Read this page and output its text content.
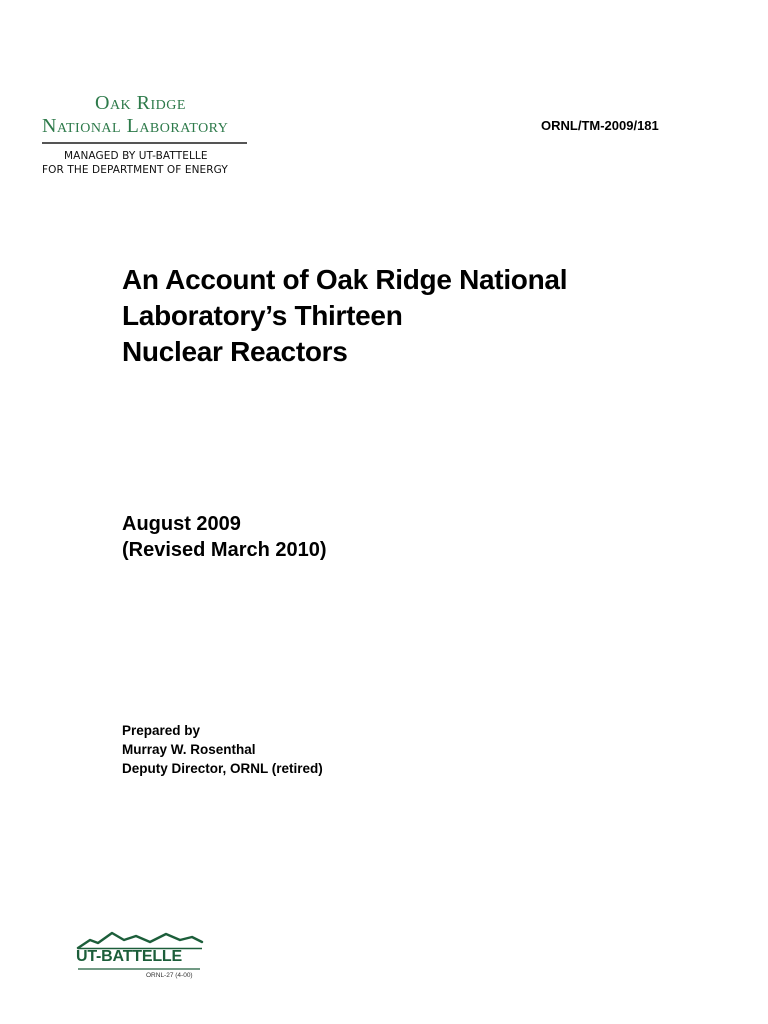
Oak Ridge
National Laboratory
MANAGED BY UT-BATTELLE
FOR THE DEPARTMENT OF ENERGY
ORNL/TM-2009/181
An Account of Oak Ridge National
Laboratory’s Thirteen
Nuclear Reactors
August 2009
(Revised March 2010)
Prepared by
Murray W. Rosenthal
Deputy Director, ORNL (retired)
UT-BATTELLE
ORNL-27 (4-00)
